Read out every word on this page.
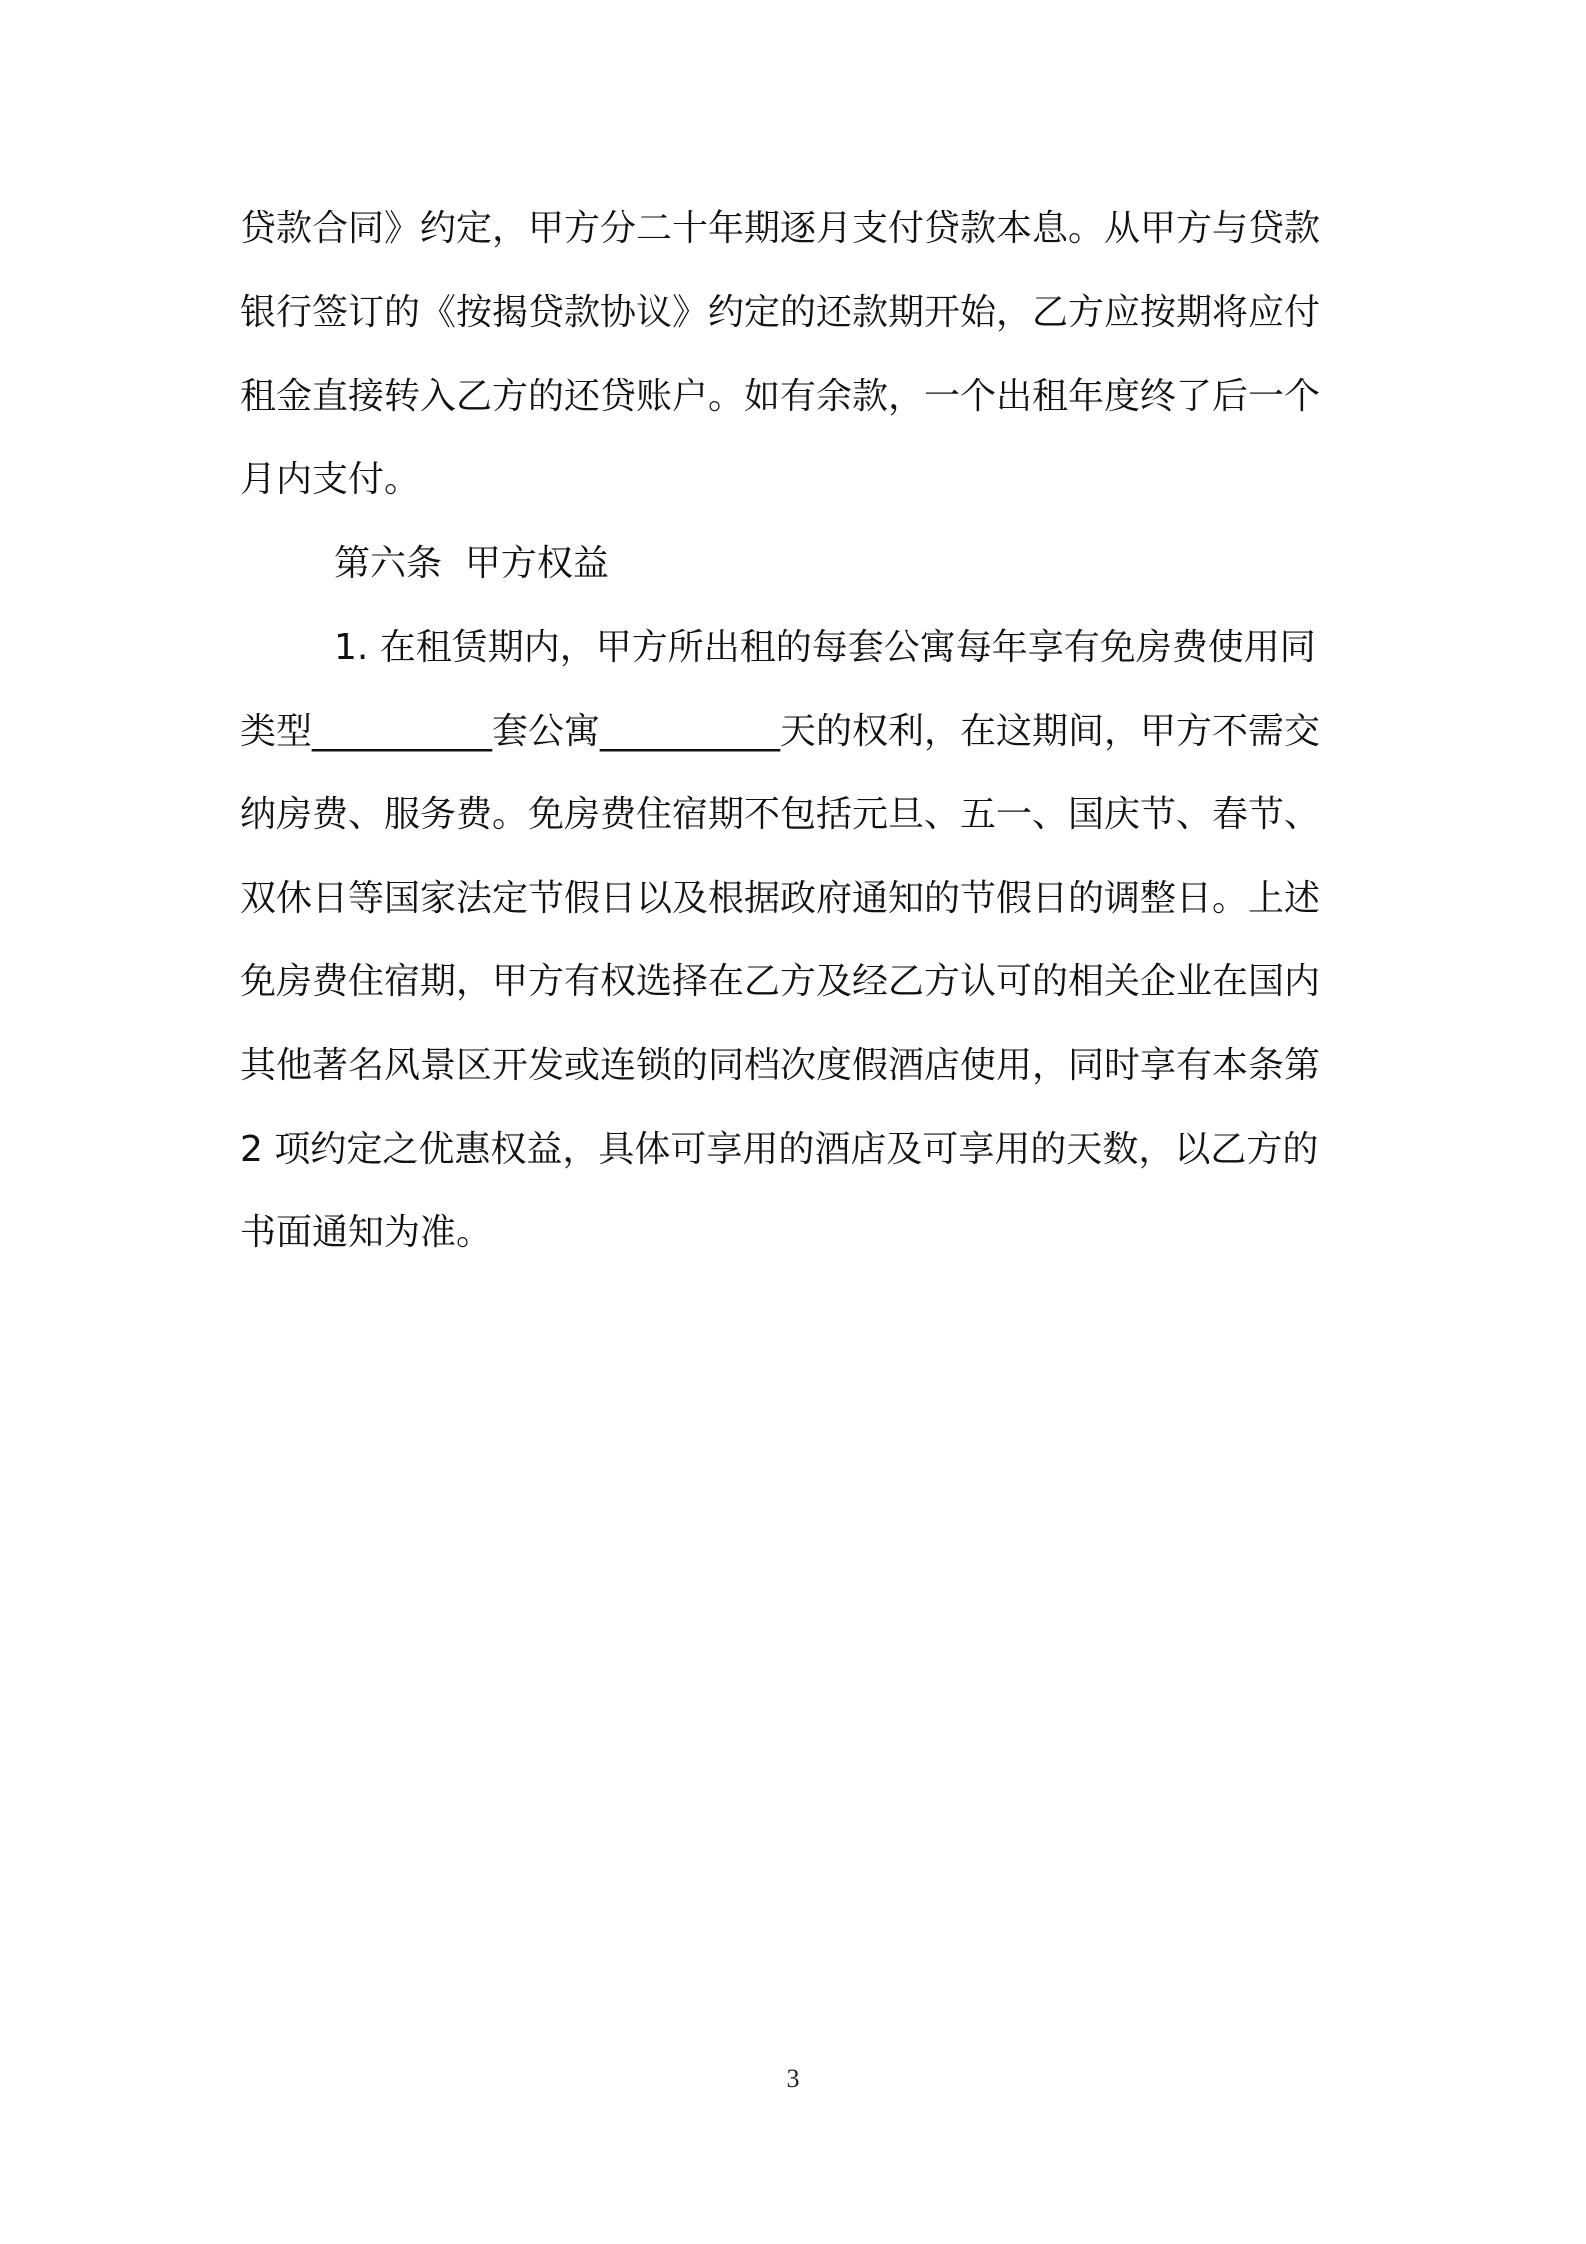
贷款合同》约定，甲方分二十年期逐月支付贷款本息。从甲方与贷款
银行签订的《按揭贷款协议》约定的还款期开始，乙方应按期将应付
租金直接转入乙方的还贷账户。如有余款，一个出租年度终了后一个
月内支付。
第六条  甲方权益
1. 在租赁期内，甲方所出租的每套公寓每年享有免房费使用同
类型__________套公寓__________天的权利，在这期间，甲方不需交
纳房费、服务费。免房费住宿期不包括元旦、五一、国庆节、春节、
双休日等国家法定节假日以及根据政府通知的节假日的调整日。上述
免房费住宿期，甲方有权选择在乙方及经乙方认可的相关企业在国内
其他著名风景区开发或连锁的同档次度假酒店使用，同时享有本条第
2 项约定之优惠权益，具体可享用的酒店及可享用的天数，以乙方的
书面通知为准。
3
